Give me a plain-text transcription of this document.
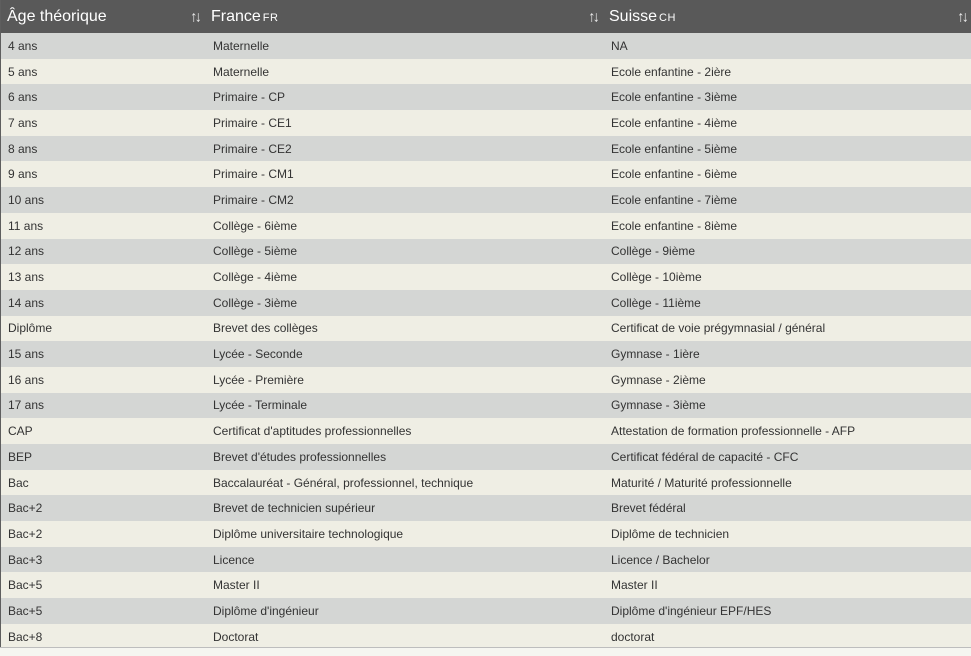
Âge théorique ↑↓	France FR ↑↓	Suisse CH ↑↓

4 ans	Maternelle	NA
5 ans	Maternelle	Ecole enfantine - 2ière
6 ans	Primaire - CP	Ecole enfantine - 3ième
7 ans	Primaire - CE1	Ecole enfantine - 4ième
8 ans	Primaire - CE2	Ecole enfantine - 5ième
9 ans	Primaire - CM1	Ecole enfantine - 6ième
10 ans	Primaire - CM2	Ecole enfantine - 7ième
11 ans	Collège - 6ième	Ecole enfantine - 8ième
12 ans	Collège - 5ième	Collège - 9ième
13 ans	Collège - 4ième	Collège - 10ième
14 ans	Collège - 3ième	Collège - 11ième
Diplôme	Brevet des collèges	Certificat de voie prégymnasial / général
15 ans	Lycée - Seconde	Gymnase - 1ière
16 ans	Lycée - Première	Gymnase - 2ième
17 ans	Lycée - Terminale	Gymnase - 3ième
CAP	Certificat d'aptitudes professionnelles	Attestation de formation professionnelle - AFP
BEP	Brevet d'études professionnelles	Certificat fédéral de capacité - CFC
Bac	Baccalauréat - Général, professionnel, technique	Maturité / Maturité professionnelle
Bac+2	Brevet de technicien supérieur	Brevet fédéral
Bac+2	Diplôme universitaire technologique	Diplôme de technicien
Bac+3	Licence	Licence / Bachelor
Bac+5	Master II	Master II
Bac+5	Diplôme d'ingénieur	Diplôme d'ingénieur EPF/HES
Bac+8	Doctorat	doctorat
